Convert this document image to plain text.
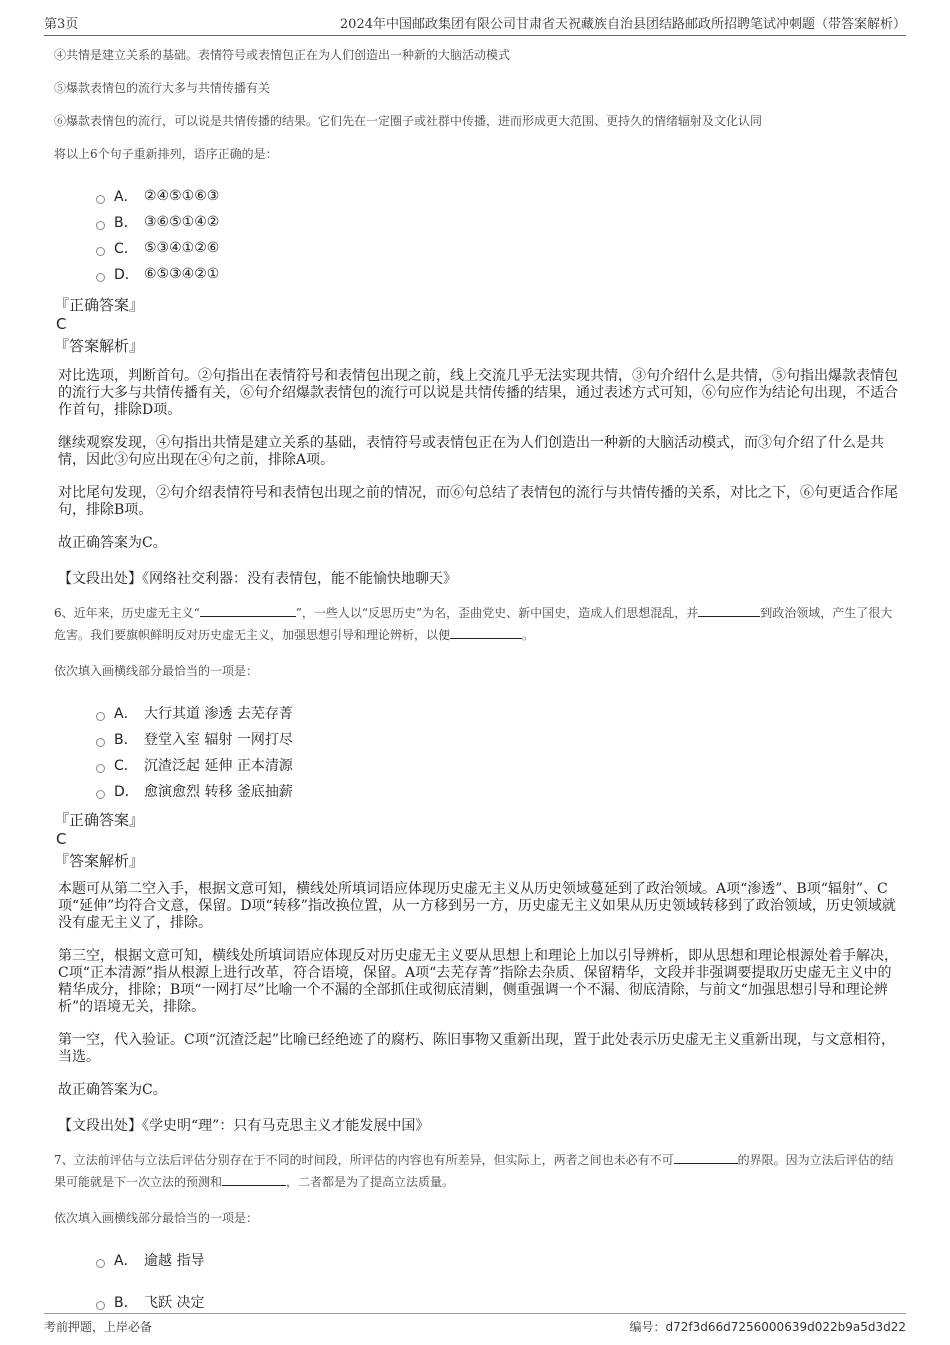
第3页	2024年中国邮政集团有限公司甘肃省天祝藏族自治县团结路邮政所招聘笔试冲刺题（带答案解析）
④共情是建立关系的基础。表情符号或表情包正在为人们创造出一种新的大脑活动模式
⑤爆款表情包的流行大多与共情传播有关
⑥爆款表情包的流行，可以说是共情传播的结果。它们先在一定圈子或社群中传播，进而形成更大范围、更持久的情绪辐射及文化认同
将以上6个句子重新排列，语序正确的是：
A． ②④⑤①⑥③
B． ③⑥⑤①④②
C． ⑤③④①②⑥
D． ⑥⑤③④②①
『正确答案』
C
『答案解析』

对比选项，判断首句。②句指出在表情符号和表情包出现之前，线上交流几乎无法实现共情，③句介绍什么是共情，⑤句指出爆款表情包的流行大多与共情传播有关，⑥句介绍爆款表情包的流行可以说是共情传播的结果，通过表述方式可知，⑥句应作为结论句出现，不适合作首句，排除D项。

继续观察发现，④句指出共情是建立关系的基础，表情符号或表情包正在为人们创造出一种新的大脑活动模式，而③句介绍了什么是共情，因此③句应出现在④句之前，排除A项。

对比尾句发现，②句介绍表情符号和表情包出现之前的情况，而⑥句总结了表情包的流行与共情传播的关系，对比之下，⑥句更适合作尾句，排除B项。

故正确答案为C。

【文段出处】《网络社交利器：没有表情包，能不能愉快地聊天》
6、近年来，历史虚无主义“	”，一些人以“反思历史”为名，歪曲党史、新中国史，造成人们思想混乱，并	到政治领域，产生了很大危害。我们要旗帜鲜明反对历史虚无主义，加强思想引导和理论辨析，以便	。
依次填入画横线部分最恰当的一项是：
A． 大行其道 渗透 去芜存菁
B． 登堂入室 辐射 一网打尽
C． 沉渣泛起 延伸 正本清源
D． 愈演愈烈 转移 釜底抽薪
『正确答案』
C
『答案解析』

本题可从第二空入手，根据文意可知，横线处所填词语应体现历史虚无主义从历史领域蔓延到了政治领域。A项“渗透”、B项“辐射”、C项“延伸”均符合文意，保留。D项“转移”指改换位置，从一方移到另一方，历史虚无主义如果从历史领域转移到了政治领域，历史领域就没有虚无主义了，排除。

第三空，根据文意可知，横线处所填词语应体现反对历史虚无主义要从思想上和理论上加以引导辨析，即从思想和理论根源处着手解决，C项“正本清源”指从根源上进行改革，符合语境，保留。A项“去芜存菁”指除去杂质、保留精华，文段并非强调要提取历史虚无主义中的精华成分，排除；B项“一网打尽”比喻一个不漏的全部抓住或彻底清剿，侧重强调一个不漏、彻底清除，与前文“加强思想引导和理论辨析”的语境无关，排除。

第一空，代入验证。C项“沉渣泛起”比喻已经绝迹了的腐朽、陈旧事物又重新出现，置于此处表示历史虚无主义重新出现，与文意相符，当选。

故正确答案为C。

【文段出处】《学史明“理”：只有马克思主义才能发展中国》
7、立法前评估与立法后评估分别存在于不同的时间段，所评估的内容也有所差异，但实际上，两者之间也未必有不可	的界限。因为立法后评估的结果可能就是下一次立法的预测和	，二者都是为了提高立法质量。
依次填入画横线部分最恰当的一项是：
A． 逾越 指导
B． 飞跃 决定
考前押题，上岸必备	编号：d72f3d66d7256000639d022b9a5d3d22
